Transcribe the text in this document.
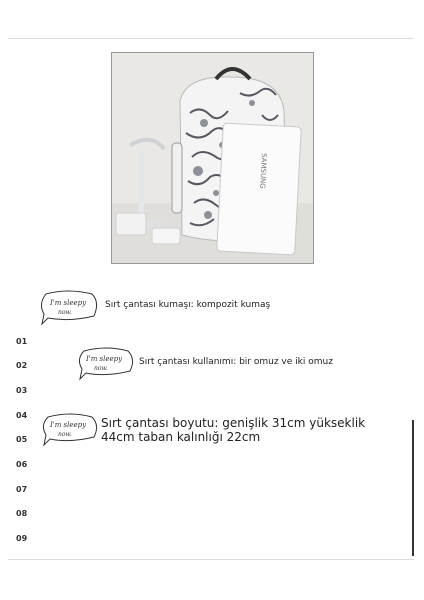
SAMSUNG
I'm sleepy
now.
Sırt çantası kumaşı: kompozit kumaş
I'm sleepy
now.
Sırt çantası kullanımı: bir omuz ve iki omuz
I'm sleepy
now.
Sırt çantası boyutu: genişlik 31cm yükseklik 44cm taban kalınlığı 22cm
01
02
03
04
05
06
07
08
09
